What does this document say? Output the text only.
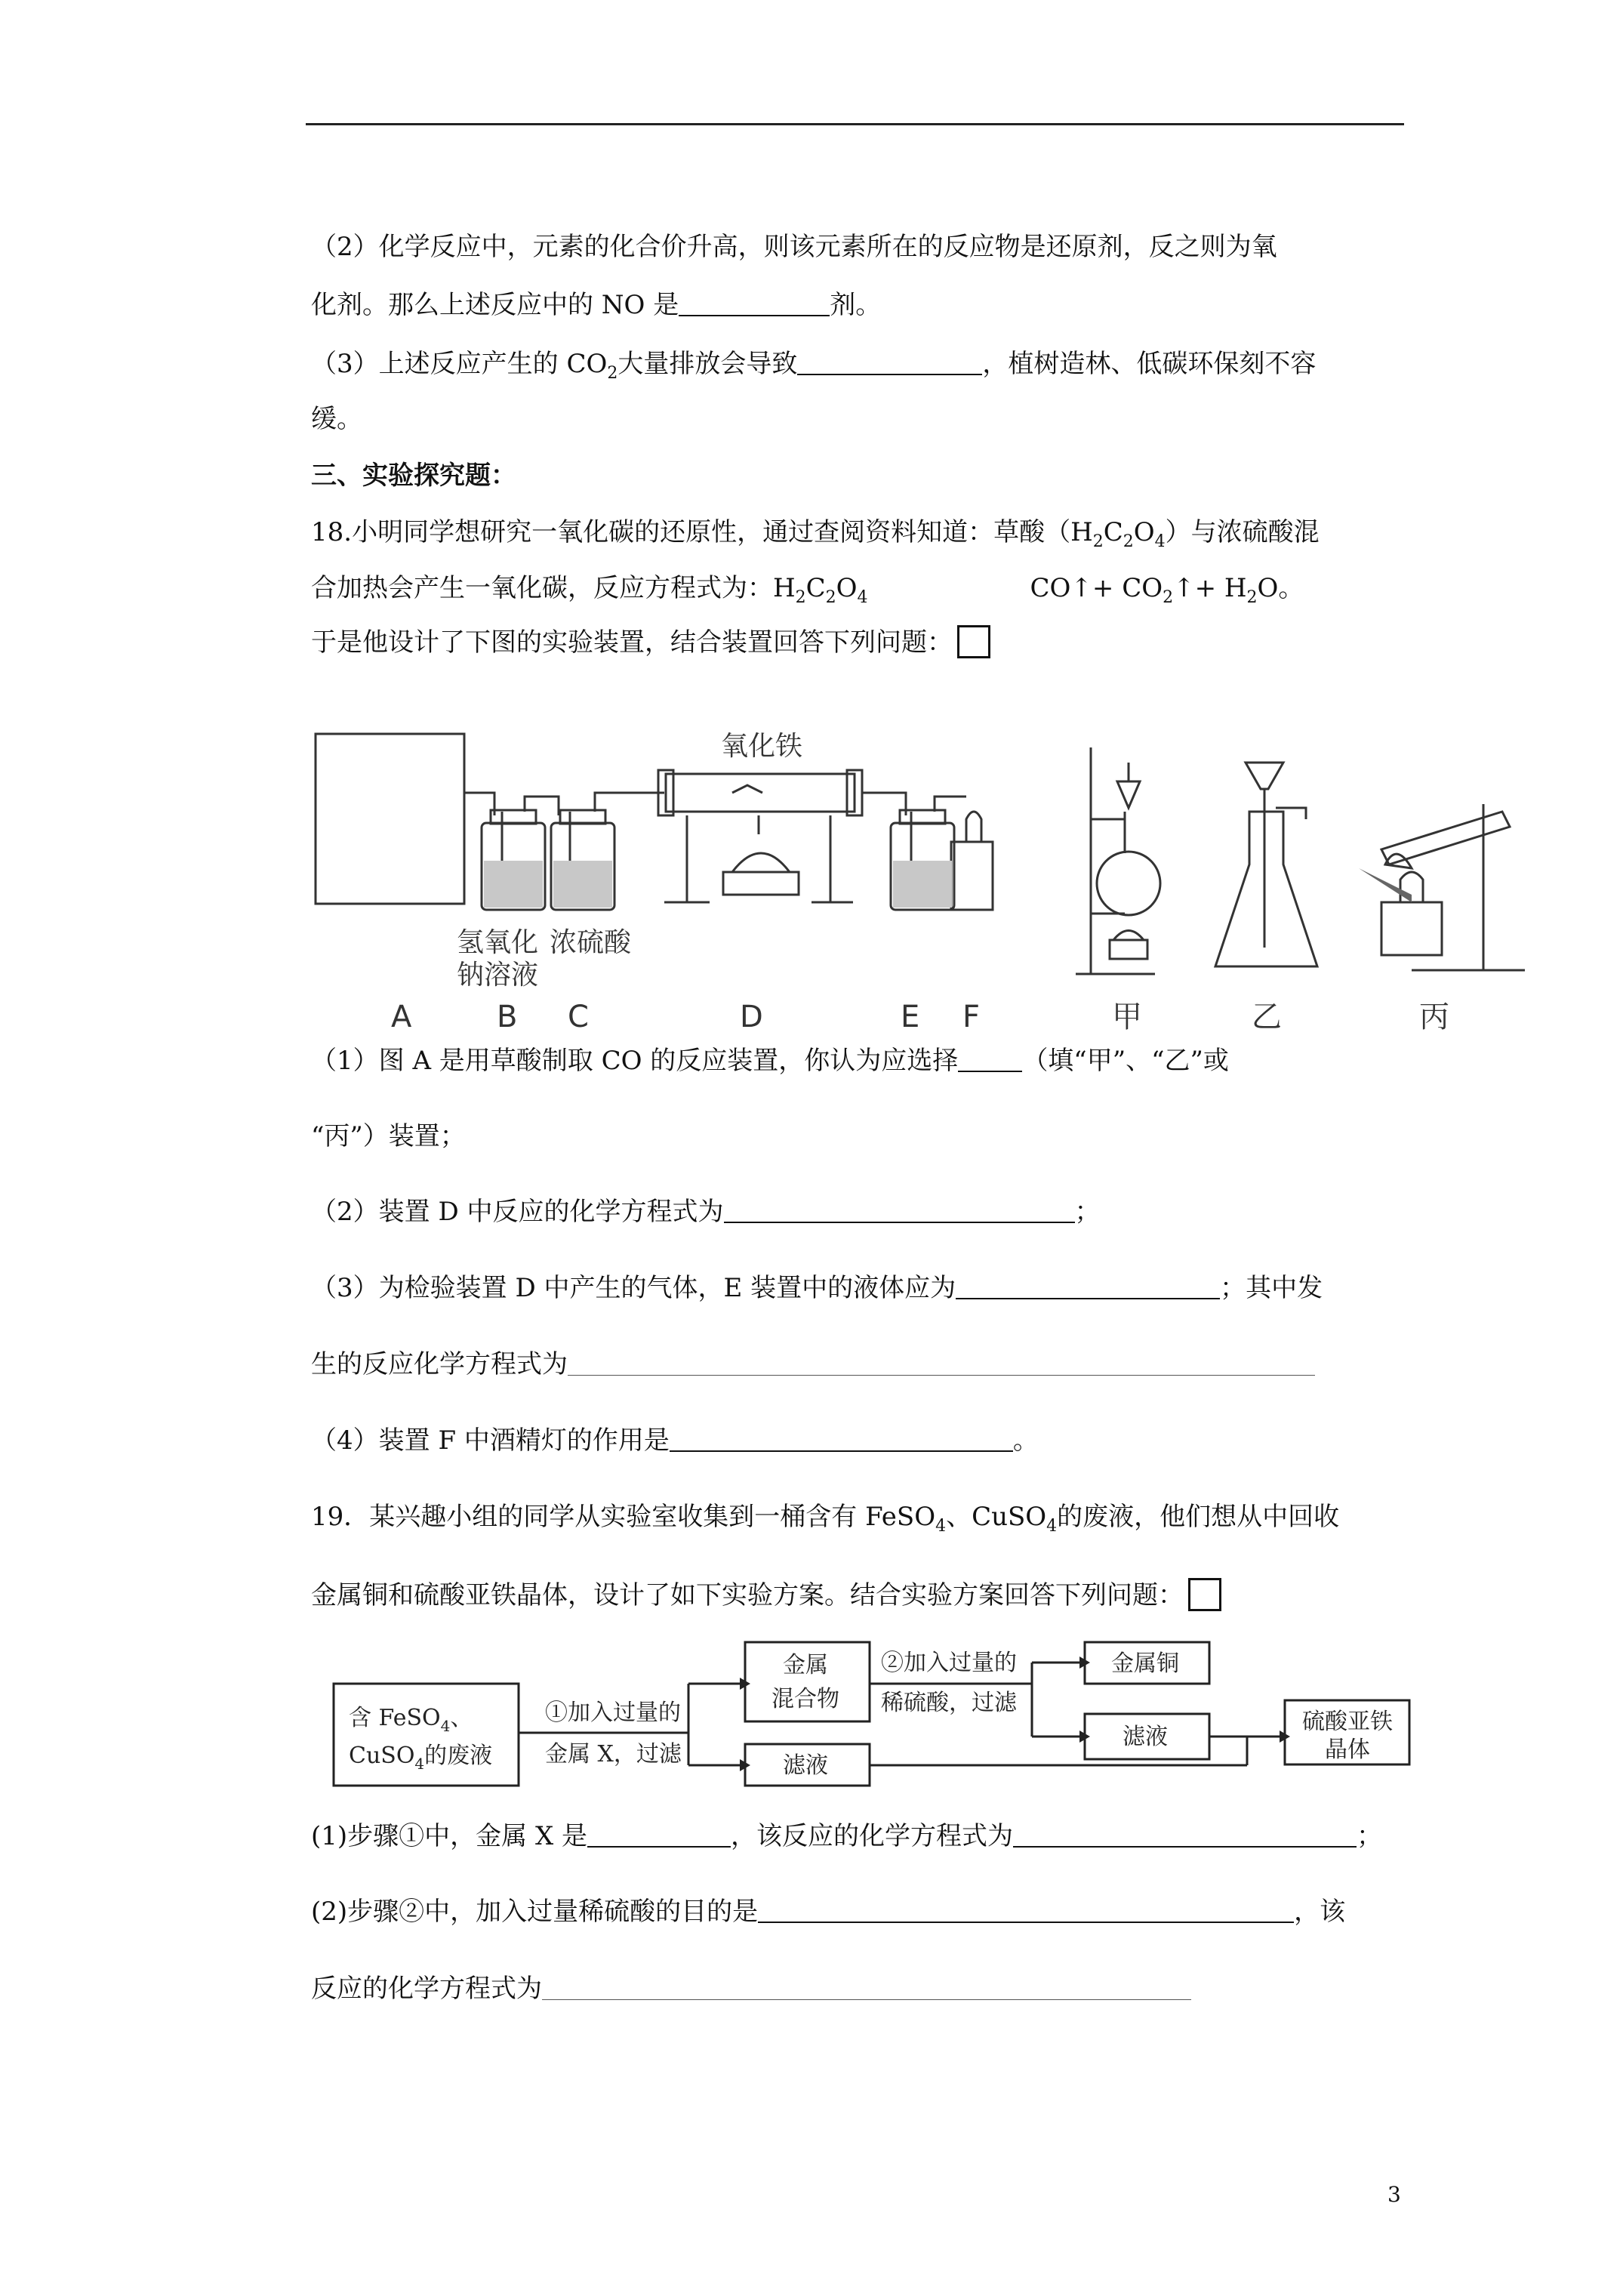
（2）化学反应中，元素的化合价升高，则该元素所在的反应物是还原剂，反之则为氧
化剂。那么上述反应中的 NO 是	剂。
（3）上述反应产生的 $CO_2$大量排放会导致	，植树造林、低碳环保刻不容
缓。
三、实验探究题：
18.小明同学想研究一氧化碳的还原性，通过查阅资料知道：草酸$(H_2C_2O_4)$与浓硫酸混
合加热会产生一氧化碳，反应方程式为：$H_2C_2O_4$	CO↑+ $CO_2↑+ H_2O$。
于是他设计了下图的实验装置，结合装置回答下列问题：
氧化铁
氢氧化
钠溶液
浓硫酸
A	B C	D	E F	甲	乙	丙
（1）图 A 是用草酸制取 CO 的反应装置，你认为应选择	（填“甲”、“乙”或
“丙”）装置；
（2）装置 D 中反应的化学方程式为	；
（3）为检验装置 D 中产生的气体，E 装置中的液体应为	；其中发
生的反应化学方程式为
（4）装置 F 中酒精灯的作用是	。
19．某兴趣小组的同学从实验室收集到一桶含有 FeSO$_4$、CuSO$_4$的废液，他们想从中回收
金属铜和硫酸亚铁晶体，设计了如下实验方案。结合实验方案回答下列问题：
含 FeSO$_4$、
CuSO$_4$的废液
①加入过量的
金属 X，过滤
金属
混合物
②加入过量的
稀硫酸，过滤
金属铜
滤液
滤液
硫酸亚铁
晶体
(1)步骤①中，金属 X 是	，该反应的化学方程式为	；
(2)步骤②中，加入过量稀硫酸的目的是	，该
反应的化学方程式为
3
